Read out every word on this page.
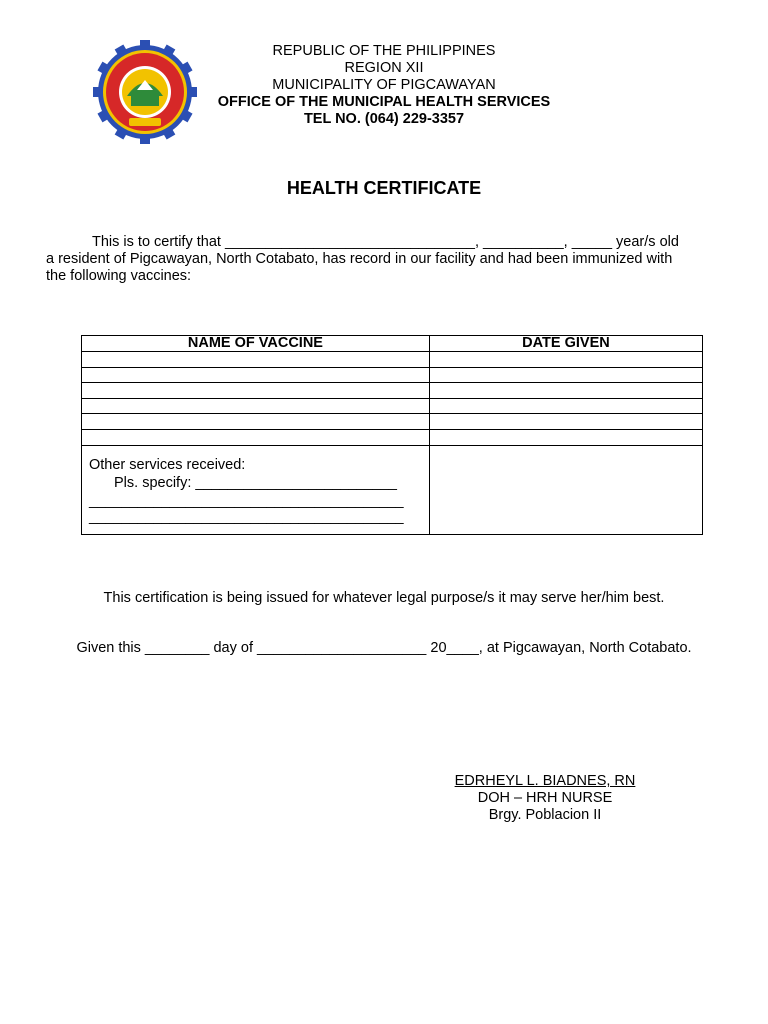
REPUBLIC OF THE PHILIPPINES
REGION XII
MUNICIPALITY OF PIGCAWAYAN
OFFICE OF THE MUNICIPAL HEALTH SERVICES
TEL NO. (064) 229-3357
HEALTH CERTIFICATE
This is to certify that _______________________________, __________, _____ year/s old
a resident of Pigcawayan, North Cotabato, has record in our facility and had been immunized with
the following vaccines:
NAME OF VACCINE	DATE GIVEN

Other services received:
Pls. specify: _________________________
_______________________________________
_______________________________________	

This certification is being issued for whatever legal purpose/s it may serve her/him best.
Given this ________ day of _____________________ 20____, at Pigcawayan, North Cotabato.
EDRHEYL L. BIADNES, RN
DOH – HRH NURSE
Brgy. Poblacion II
